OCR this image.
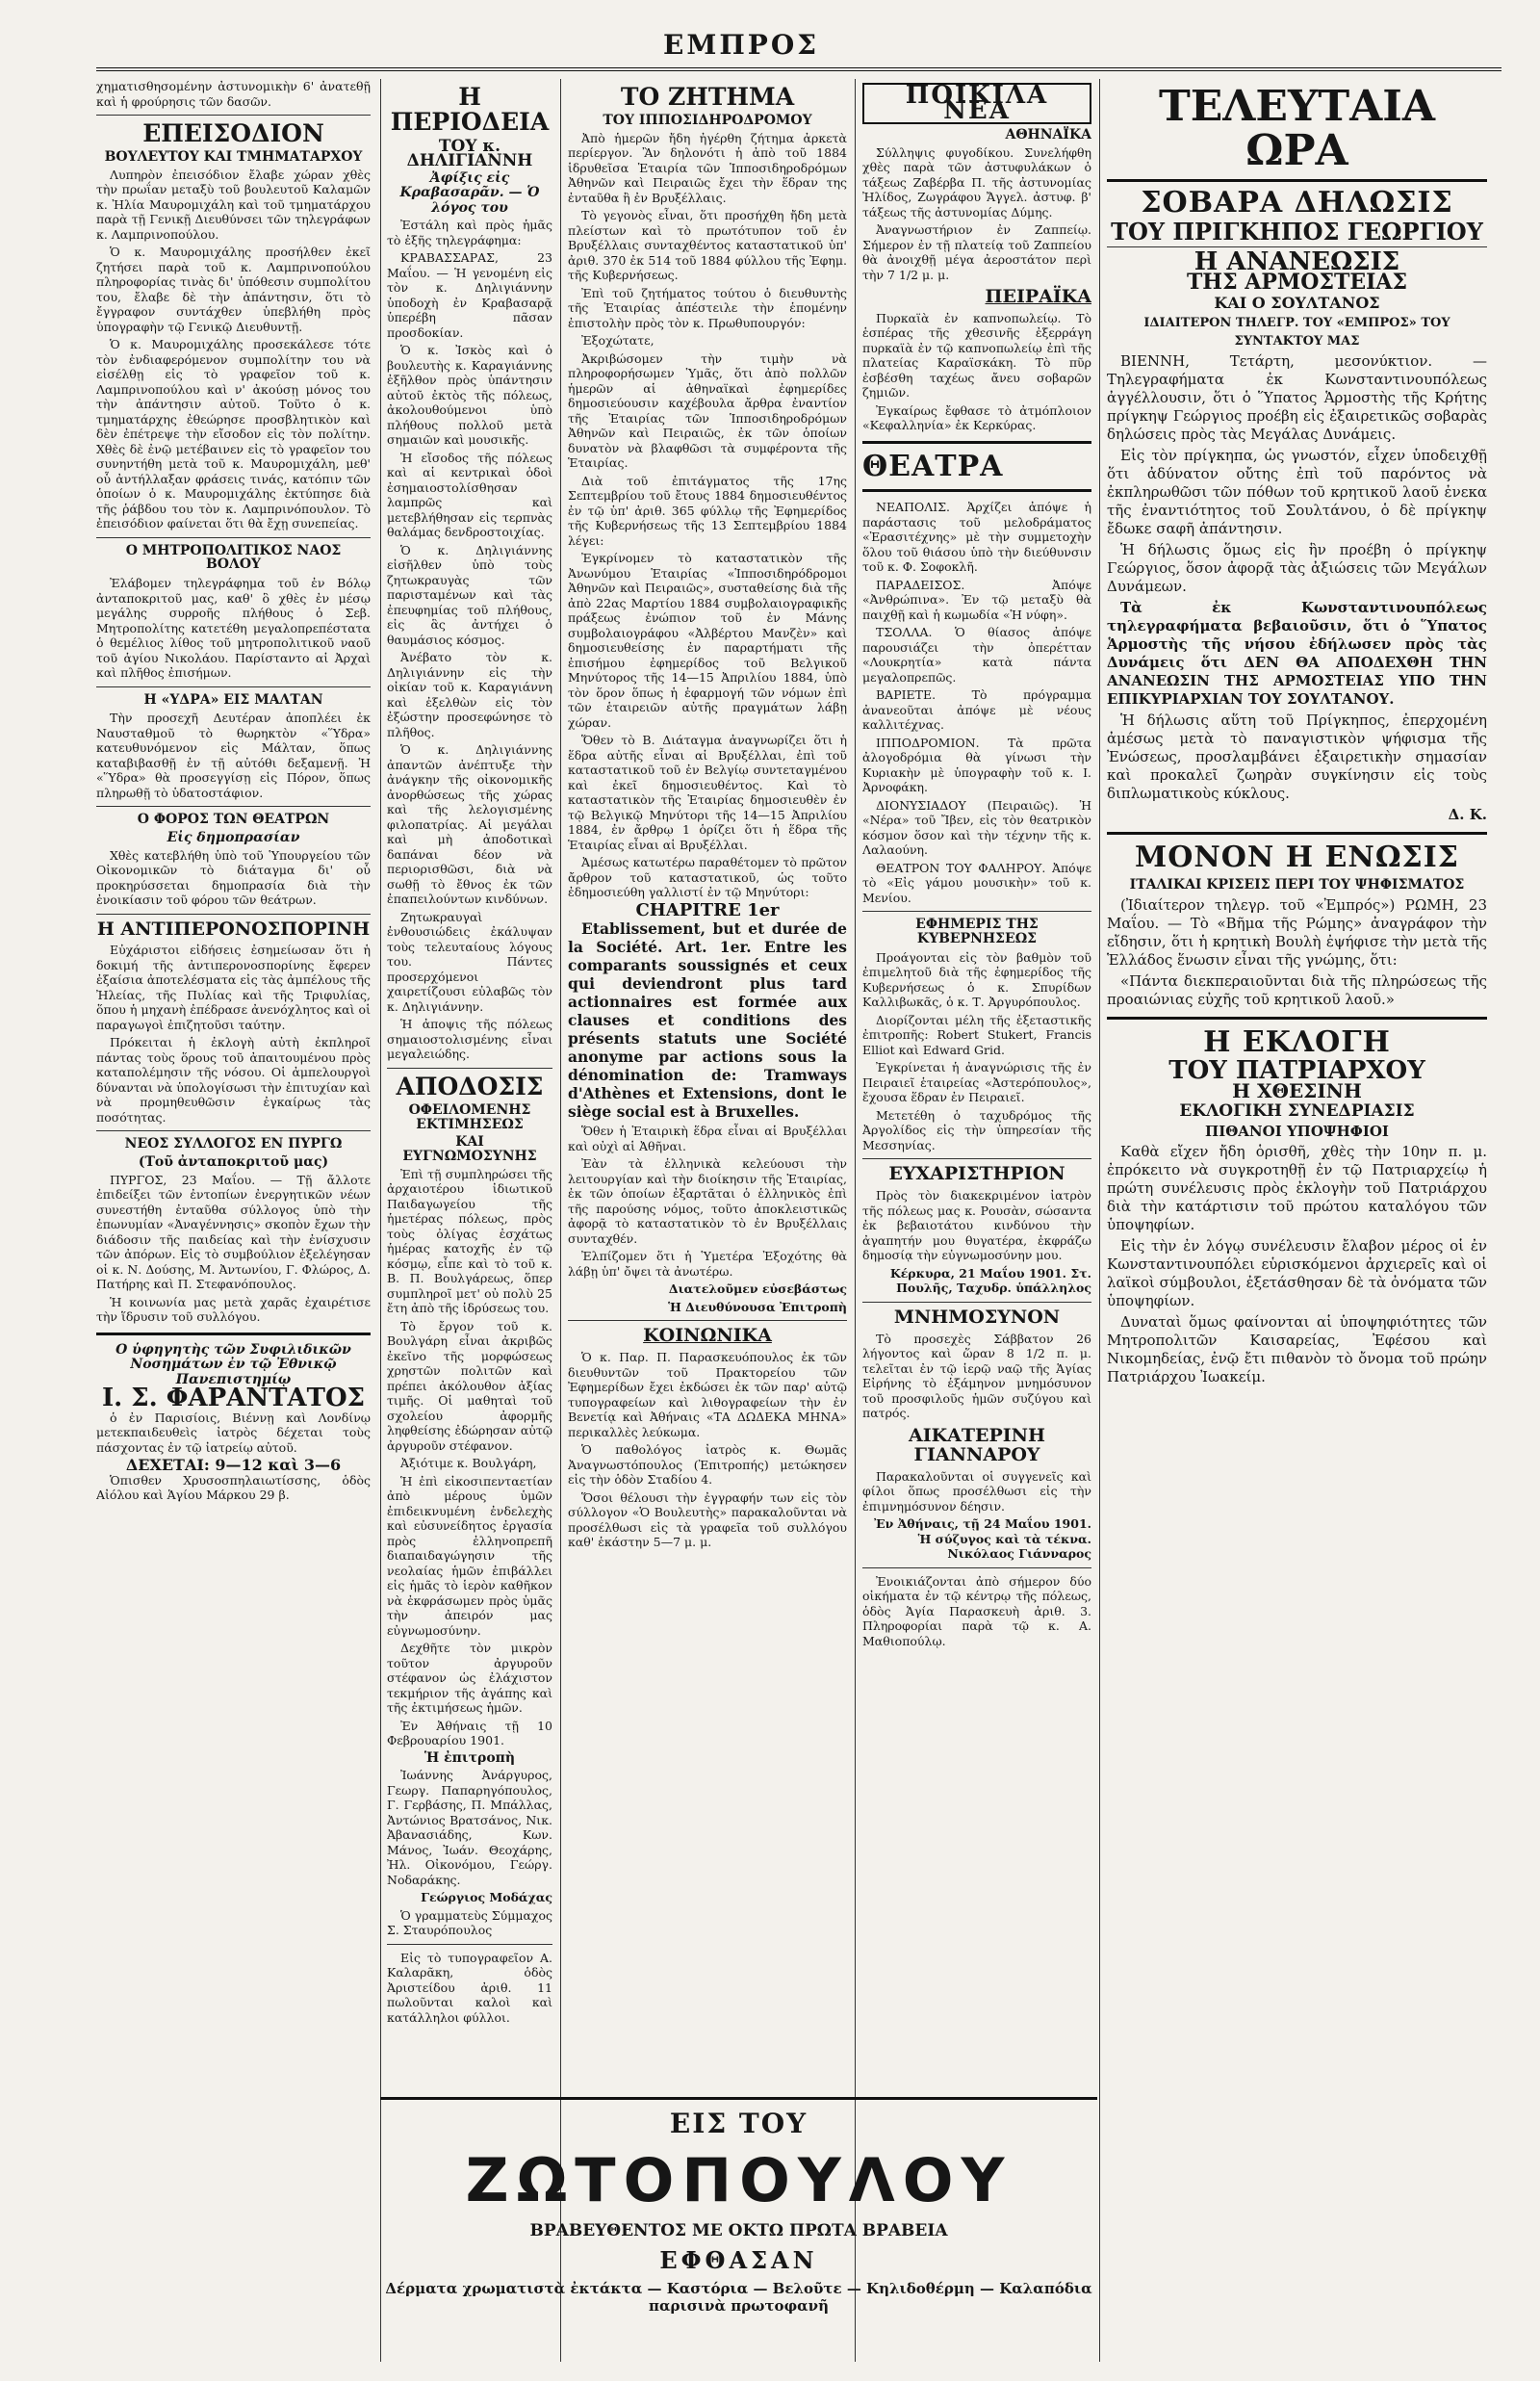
ΕΜΠΡΟΣ

χηματισθησομένην ἀστυνομικὴν 6' ἀνατεθῇ καὶ ἡ φρούρησις τῶν δασῶν.

ΕΠΕΙΣΟΔΙΟΝ
ΒΟΥΛΕΥΤΟΥ ΚΑΙ ΤΜΗΜΑΤΑΡΧΟΥ

Λυπηρὸν ἐπεισόδιον ἔλαβε χώραν χθὲς τὴν πρωΐαν μεταξὺ τοῦ βουλευτοῦ Καλαμῶν κ. Ἠλία Μαυρομιχάλη καὶ τοῦ τμηματάρχου παρὰ τῇ Γενικῇ Διευθύνσει τῶν τηλεγράφων κ. Λαμπρινοπούλου.

Ὁ κ. Μαυρομιχάλης προσήλθεν ἐκεῖ ζητήσει παρὰ τοῦ κ. Λαμπρινοπούλου πληροφορίας τινὰς δι' ὑπόθεσιν συμπολίτου του, ἔλαβε δὲ τὴν ἀπάντησιν, ὅτι τὸ ἔγγραφον συντάχθεν ὑπεβλήθη πρὸς ὑπογραφὴν τῷ Γενικῷ Διευθυντῇ.

Ὁ κ. Μαυρομιχάλης προσεκάλεσε τότε τὸν ἐνδιαφερόμενον συμπολίτην του νὰ εἰσέλθῃ εἰς τὸ γραφεῖον τοῦ κ. Λαμπρινοπούλου καὶ ν' ἀκούσῃ μόνος του τὴν ἀπάντησιν αὐτοῦ. Τοῦτο ὁ κ. τμηματάρχης ἐθεώρησε προσβλητικὸν καὶ δὲν ἐπέτρεψε τὴν εἴσοδον εἰς τὸν πολίτην. Χθὲς δὲ ἐνῷ μετέβαινεν εἰς τὸ γραφεῖον του συνηντήθη μετὰ τοῦ κ. Μαυρομιχάλη, μεθ' οὗ ἀντήλλαξαν φράσεις τινάς, κατόπιν τῶν ὁποίων ὁ κ. Μαυρομιχάλης ἐκτύπησε διὰ τῆς ῥάβδου του τὸν κ. Λαμπρινόπουλον. Τὸ ἐπεισόδιον φαίνεται ὅτι θὰ ἔχῃ συνεπείας.

Ο ΜΗΤΡΟΠΟΛΙΤΙΚΟΣ ΝΑΟΣ ΒΟΛΟΥ

Ἐλάβομεν τηλεγράφημα τοῦ ἐν Βόλῳ ἀνταποκριτοῦ μας, καθ' ὃ χθὲς ἐν μέσῳ μεγάλης συρροῆς πλήθους ὁ Σεβ. Μητροπολίτης κατετέθη μεγαλοπρεπέστατα ὁ θεμέλιος λίθος τοῦ μητροπολιτικοῦ ναοῦ τοῦ ἁγίου Νικολάου. Παρίσταντο αἱ Ἀρχαὶ καὶ πλῆθος ἐπισήμων.

Η «ΥΔΡΑ» ΕΙΣ ΜΑΛΤΑΝ

Τὴν προσεχῆ Δευτέραν ἀποπλέει ἐκ Ναυσταθμοῦ τὸ θωρηκτὸν «Ὕδρα» κατευθυνόμενον εἰς Μάλταν, ὅπως καταβιβασθῇ ἐν τῇ αὐτόθι δεξαμενῇ. Ἡ «Ὕδρα» θὰ προσεγγίσῃ εἰς Πόρον, ὅπως πληρωθῇ τὸ ὑδατοστάφιον.

Ο ΦΟΡΟΣ ΤΩΝ ΘΕΑΤΡΩΝ
Εἰς δημοπρασίαν

Χθὲς κατεβλήθη ὑπὸ τοῦ Ὑπουργείου τῶν Οἰκονομικῶν τὸ διάταγμα δι' οὗ προκηρύσσεται δημοπρασία διὰ τὴν ἐνοικίασιν τοῦ φόρου τῶν θεάτρων.

Η ΑΝΤΙΠΕΡΟΝΟΣΠΟΡΙΝΗ

Εὐχάριστοι εἰδήσεις ἐσημείωσαν ὅτι ἡ δοκιμή τῆς ἀντιπερονοσπορίνης ἔφερεν ἐξαίσια ἀποτελέσματα εἰς τὰς ἀμπέλους τῆς Ἠλείας, τῆς Πυλίας καὶ τῆς Τριφυλίας, ὅπου ἡ μηχανὴ ἐπέδρασε ἀνενόχλητος καὶ οἱ παραγωγοὶ ἐπιζητοῦσι ταύτην.

Πρόκειται ἡ ἐκλογὴ αὐτὴ ἐκπληροῖ πάντας τοὺς ὅρους τοῦ ἀπαιτουμένου πρὸς καταπολέμησιν τῆς νόσου. Οἱ ἀμπελουργοὶ δύνανται νὰ ὑπολογίσωσι τὴν ἐπιτυχίαν καὶ νὰ προμηθευθῶσιν ἐγκαίρως τὰς ποσότητας.

ΝΕΟΣ ΣΥΛΛΟΓΟΣ ΕΝ ΠΥΡΓΩ
(Τοῦ ἀνταποκριτοῦ μας)

ΠΥΡΓΟΣ, 23 Μαΐου. — Τῇ ἄλλοτε ἐπιδείξει τῶν ἐντοπίων ἐνεργητικῶν νέων συνεστήθη ἐνταῦθα σύλλογος ὑπὸ τὴν ἐπωνυμίαν «Ἀναγέννησις» σκοπὸν ἔχων τὴν διάδοσιν τῆς παιδείας καὶ τὴν ἐνίσχυσιν τῶν ἀπόρων. Εἰς τὸ συμβούλιον ἐξελέγησαν οἱ κ. Ν. Δούσης, Μ. Ἀντωνίου, Γ. Φλώρος, Δ. Πατήρης καὶ Π. Στεφανόπουλος.

Ἡ κοινωνία μας μετὰ χαρᾶς ἐχαιρέτισε τὴν ἵδρυσιν τοῦ συλλόγου.

Ο ὑφηγητὴς τῶν Συφιλιδικῶν Νοσημάτων ἐν τῷ Ἐθνικῷ Πανεπιστημίῳ
Ι. Σ. ΦΑΡΑΝΤΑΤΟΣ

ὁ ἐν Παρισίοις, Βιέννῃ καὶ Λονδίνῳ μετεκπαιδευθεὶς ἰατρὸς δέχεται τοὺς πάσχοντας ἐν τῷ ἰατρείῳ αὐτοῦ.

ΔΕΧΕΤΑΙ: 9—12 καὶ 3—6

Ὁπισθεν Χρυσοσπηλαιωτίσσης, ὁδὸς Αἰόλου καὶ Ἁγίου Μάρκου 29 β.

Η ΠΕΡΙΟΔΕΙΑ
ΤΟΥ κ. ΔΗΛΙΓΙΑΝΝΗ
Ἀφίξις εἰς Κραβασαρᾶν. — Ὁ λόγος του

Ἐστάλη καὶ πρὸς ἡμᾶς τὸ ἐξῆς τηλεγράφημα:

ΚΡΑΒΑΣΣΑΡΑΣ, 23 Μαΐου. — Ἡ γενομένη εἰς τὸν κ. Δηλιγιάννην ὑποδοχὴ ἐν Κραβασαρᾷ ὑπερέβη πᾶσαν προσδοκίαν.

Ὁ κ. Ἰσκὸς καὶ ὁ βουλευτὴς κ. Καραγιάννης ἐξῆλθον πρὸς ὑπάντησιν αὐτοῦ ἐκτὸς τῆς πόλεως, ἀκολουθούμενοι ὑπὸ πλήθους πολλοῦ μετὰ σημαιῶν καὶ μουσικῆς.

Ἡ εἴσοδος τῆς πόλεως καὶ αἱ κεντρικαὶ ὁδοὶ ἐσημαιοστολίσθησαν λαμπρῶς καὶ μετεβλήθησαν εἰς τερπνὰς θαλάμας δενδροστοιχίας.

Ὁ κ. Δηλιγιάννης εἰσῆλθεν ὑπὸ τοὺς ζητωκραυγὰς τῶν παρισταμένων καὶ τὰς ἐπευφημίας τοῦ πλήθους, εἰς ἃς ἀντήχει ὁ θαυμάσιος κόσμος.

Ἀνέβατο τὸν κ. Δηλιγιάννην εἰς τὴν οἰκίαν τοῦ κ. Καραγιάννη καὶ ἐξελθὼν εἰς τὸν ἐξώστην προσεφώνησε τὸ πλῆθος.

Ὁ κ. Δηλιγιάννης ἀπαντῶν ἀνέπτυξε τὴν ἀνάγκην τῆς οἰκονομικῆς ἀνορθώσεως τῆς χώρας καὶ τῆς λελογισμένης φιλοπατρίας. Αἱ μεγάλαι καὶ μὴ ἀποδοτικαὶ δαπάναι δέον νὰ περιορισθῶσι, διὰ νὰ σωθῇ τὸ ἔθνος ἐκ τῶν ἐπαπειλούντων κινδύνων.

Ζητωκραυγαὶ ἐνθουσιώδεις ἐκάλυψαν τοὺς τελευταίους λόγους του. Πάντες προσερχόμενοι χαιρετίζουσι εὐλαβῶς τὸν κ. Δηλιγιάννην.

Ἡ ἀποψις τῆς πόλεως σημαιοστολισμένης εἶναι μεγαλειώδης.

ΑΠΟΔΟΣΙΣ
ΟΦΕΙΛΟΜΕΝΗΣ ΕΚΤΙΜΗΣΕΩΣ
ΚΑΙ ΕΥΓΝΩΜΟΣΥΝΗΣ

Ἐπὶ τῇ συμπληρώσει τῆς ἀρχαιοτέρου ἰδιωτικοῦ Παιδαγωγείου τῆς ἡμετέρας πόλεως, πρὸς τοὺς ὀλίγας ἐσχάτως ἡμέρας κατοχῆς ἐν τῷ κόσμῳ, εἶπε καὶ τὸ τοῦ κ. Β. Π. Βουλγάρεως, ὅπερ συμπληροῖ μετ' οὐ πολὺ 25 ἔτη ἀπὸ τῆς ἱδρύσεως του.

Τὸ ἔργον τοῦ κ. Βουλγάρη εἶναι ἀκριβῶς ἐκεῖνο τῆς μορφώσεως χρηστῶν πολιτῶν καὶ πρέπει ἀκόλουθον ἀξίας τιμῆς. Οἱ μαθηταὶ τοῦ σχολείου ἀφορμῆς ληφθείσης ἐδώρησαν αὐτῷ ἀργυροῦν στέφανον.

Ἀξιότιμε κ. Βουλγάρη,

Ἡ ἐπὶ εἰκοσιπενταετίαν ἀπὸ μέρους ὑμῶν ἐπιδεικνυμένη ἐνδελεχὴς καὶ εὐσυνείδητος ἐργασία πρὸς ἐλληνοπρεπῆ διαπαιδαγώγησιν τῆς νεολαίας ἡμῶν ἐπιβάλλει εἰς ἡμᾶς τὸ ἱερὸν καθῆκον νὰ ἐκφράσωμεν πρὸς ὑμᾶς τὴν ἀπειρόν μας εὐγνωμοσύνην.

Δεχθῆτε τὸν μικρὸν τοῦτον ἀργυροῦν στέφανον ὡς ἐλάχιστον τεκμήριον τῆς ἀγάπης καὶ τῆς ἐκτιμήσεως ἡμῶν.

Ἐν Ἀθήναις τῇ 10 Φεβρουαρίου 1901.

Ἡ ἐπιτροπὴ

Ἰωάννης Ἀνάργυρος, Γεωργ. Παπαρηγόπουλος, Γ. Γερβάσης, Π. Μπάλλας, Ἀντώνιος Βρατσάνος, Νικ. Ἀβανασιάδης, Κων. Μάνος, Ἰωάν. Θεοχάρης, Ἠλ. Οἰκονόμου, Γεώργ. Νοδαράκης.

Γεώργιος Μοδάχας

Ὁ γραμματεὺς Σύμμαχος Σ. Σταυρόπουλος

Εἰς τὸ τυπογραφεῖον Α. Καλαρᾶκη, ὁδὸς Ἀριστείδου ἀριθ. 11 πωλοῦνται καλοὶ καὶ κατάλληλοι φύλλοι.

ΤΟ ΖΗΤΗΜΑ
ΤΟΥ ΙΠΠΟΣΙΔΗΡΟΔΡΟΜΟΥ

Ἀπὸ ἡμερῶν ἤδη ἠγέρθη ζήτημα ἀρκετὰ περίεργον. Ἂν δηλονότι ἡ ἀπὸ τοῦ 1884 ἱδρυθεῖσα Ἑταιρία τῶν Ἱπποσιδηροδρόμων Ἀθηνῶν καὶ Πειραιῶς ἔχει τὴν ἕδραν της ἐνταῦθα ἢ ἐν Βρυξέλλαις.

Τὸ γεγονὸς εἶναι, ὅτι προσήχθη ἤδη μετὰ πλείστων καὶ τὸ πρωτότυπον τοῦ ἐν Βρυξέλλαις συνταχθέντος καταστατικοῦ ὑπ' ἀριθ. 370 ἐκ 514 τοῦ 1884 φύλλου τῆς Ἐφημ. τῆς Κυβερνήσεως.

Ἐπὶ τοῦ ζητήματος τούτου ὁ διευθυντὴς τῆς Ἑταιρίας ἀπέστειλε τὴν ἑπομένην ἐπιστολὴν πρὸς τὸν κ. Πρωθυπουργόν:

Ἐξοχώτατε,

Ἀκριβώσομεν τὴν τιμὴν νὰ πληροφορήσωμεν Ὑμᾶς, ὅτι ἀπὸ πολλῶν ἡμερῶν αἱ ἀθηναϊκαὶ ἐφημερίδες δημοσιεύουσιν καχέβουλα ἄρθρα ἐναντίον τῆς Ἑταιρίας τῶν Ἱπποσιδηροδρόμων Ἀθηνῶν καὶ Πειραιῶς, ἐκ τῶν ὁποίων δυνατὸν νὰ βλαφθῶσι τὰ συμφέροντα τῆς Ἑταιρίας.

Διὰ τοῦ ἐπιτάγματος τῆς 17ης Σεπτεμβρίου τοῦ ἔτους 1884 δημοσιευθέντος ἐν τῷ ὑπ' ἀριθ. 365 φύλλῳ τῆς Ἐφημερίδος τῆς Κυβερνήσεως τῆς 13 Σεπτεμβρίου 1884 λέγει:

Ἐγκρίνομεν τὸ καταστατικὸν τῆς Ἀνωνύμου Ἑταιρίας «Ἱπποσιδηρόδρομοι Ἀθηνῶν καὶ Πειραιῶς», συσταθείσης διὰ τῆς ἀπὸ 22ας Μαρτίου 1884 συμβολαιογραφικῆς πράξεως ἐνώπιον τοῦ ἐν Μάνης συμβολαιογράφου «Ἀλβέρτου Μανζὲν» καὶ δημοσιευθείσης ἐν παραρτήματι τῆς ἐπισήμου ἐφημερίδος τοῦ Βελγικοῦ Μηνύτορος τῆς 14—15 Ἀπριλίου 1884, ὑπὸ τὸν ὅρον ὅπως ἡ ἐφαρμογή τῶν νόμων ἐπὶ τῶν ἑταιρειῶν αὐτῆς πραγμάτων λάβῃ χώραν.

Ὅθεν τὸ Β. Διάταγμα ἀναγνωρίζει ὅτι ἡ ἕδρα αὐτῆς εἶναι αἱ Βρυξέλλαι, ἐπὶ τοῦ καταστατικοῦ τοῦ ἐν Βελγίῳ συντεταγμένου καὶ ἐκεῖ δημοσιευθέντος. Καὶ τὸ καταστατικὸν τῆς Ἑταιρίας δημοσιευθὲν ἐν τῷ Βελγικῷ Μηνύτορι τῆς 14—15 Ἀπριλίου 1884, ἐν ἄρθρῳ 1 ὁρίζει ὅτι ἡ ἕδρα τῆς Ἑταιρίας εἶναι αἱ Βρυξέλλαι.

Ἀμέσως κατωτέρω παραθέτομεν τὸ πρῶτον ἄρθρον τοῦ καταστατικοῦ, ὡς τοῦτο ἐδημοσιεύθη γαλλιστί ἐν τῷ Μηνύτορι:

CHAPITRE 1er

Etablissement, but et durée de la Société. Art. 1er. Entre les comparants soussignés et ceux qui deviendront plus tard actionnaires est formée aux clauses et conditions des présents statuts une Société anonyme par actions sous la dénomination de: Tramways d'Athènes et Extensions, dont le siège social est à Bruxelles.

Ὅθεν ἡ Ἑταιρικὴ ἕδρα εἶναι αἱ Βρυξέλλαι καὶ οὐχὶ αἱ Ἀθῆναι.

Ἐὰν τὰ ἑλληνικὰ κελεύουσι τὴν λειτουργίαν καὶ τὴν διοίκησιν τῆς Ἑταιρίας, ἐκ τῶν ὁποίων ἐξαρτᾶται ὁ ἑλληνικὸς ἐπὶ τῆς παρούσης νόμος, τοῦτο ἀποκλειστικῶς ἀφορᾷ τὸ καταστατικὸν τὸ ἐν Βρυξέλλαις συνταχθέν.

Ἐλπίζομεν ὅτι ἡ Ὑμετέρα Ἐξοχότης θὰ λάβῃ ὑπ' ὄψει τὰ ἀνωτέρω.

Διατελοῦμεν εὐσεβάστως
Ἡ Διευθύνουσα Ἐπιτροπὴ
ΚΟΙΝΩΝΙΚΑ

Ὁ κ. Παρ. Π. Παρασκευόπουλος ἐκ τῶν διευθυντῶν τοῦ Πρακτορείου τῶν Ἐφημερίδων ἔχει ἐκδώσει ἐκ τῶν παρ' αὐτῷ τυπογραφείων καὶ λιθογραφείων τὴν ἐν Βενετίᾳ καὶ Ἀθήναις «ΤΑ ΔΩΔΕΚΑ ΜΗΝΑ» περικαλλὲς λεύκωμα.

Ὁ παθολόγος ἰατρὸς κ. Θωμᾶς Ἀναγνωστόπουλος (Ἐπιτροπής) μετώκησεν εἰς τὴν ὁδὸν Σταδίου 4.

Ὅσοι θέλουσι τὴν ἐγγραφήν των εἰς τὸν σύλλογον «Ὁ Βουλευτὴς» παρακαλοῦνται νὰ προσέλθωσι εἰς τὰ γραφεῖα τοῦ συλλόγου καθ' ἑκάστην 5—7 μ. μ.

ΠΟΙΚΙΛΑ ΝΕΑ
ΑΘΗΝΑΪΚΑ

Σύλληψις φυγοδίκου. Συνελήφθη χθὲς παρὰ τῶν ἀστυφυλάκων ὁ τάξεως Ζαβέρβα Π. τῆς ἀστυνομίας Ἠλίδος, Ζωγράφου Ἄγγελ. ἀστυφ. β' τάξεως τῆς ἀστυνομίας Δύμης.

Ἀναγνωστήριον ἐν Ζαππείῳ. Σήμερον ἐν τῇ πλατείᾳ τοῦ Ζαππείου θὰ ἀνοιχθῇ μέγα ἀεροστάτον περὶ τὴν 7 1/2 μ. μ.

ΠΕΙΡΑΪΚΑ

Πυρκαϊὰ ἐν καπνοπωλείῳ. Τὸ ἑσπέρας τῆς χθεσινῆς ἐξερράγη πυρκαϊὰ ἐν τῷ καπνοπωλείῳ ἐπὶ τῆς πλατείας Καραϊσκάκη. Τὸ πῦρ ἐσβέσθη ταχέως ἄνευ σοβαρῶν ζημιῶν.

Ἐγκαίρως ἔφθασε τὸ ἀτμόπλοιον «Κεφαλληνία» ἐκ Κερκύρας.

ΘΕΑΤΡΑ

ΝΕΑΠΟΛΙΣ. Ἀρχίζει ἀπόψε ἡ παράστασις τοῦ μελοδράματος «Ἐρασιτέχνης» μὲ τὴν συμμετοχὴν ὅλου τοῦ θιάσου ὑπὸ τὴν διεύθυνσιν τοῦ κ. Φ. Σοφοκλῆ.

ΠΑΡΑΔΕΙΣΟΣ. Ἀπόψε «Ἀνθρώπινα». Ἐν τῷ μεταξὺ θὰ παιχθῇ καὶ ἡ κωμωδία «Ἡ νύφη».

ΤΣΟΛΛΑ. Ὁ θίασος ἀπόψε παρουσιάζει τὴν ὀπερέτταν «Λουκρητία» κατὰ πάντα μεγαλοπρεπῶς.

ΒΑΡΙΕΤΕ. Τὸ πρόγραμμα ἀνανεοῦται ἀπόψε μὲ νέους καλλιτέχνας.

ΙΠΠΟΔΡΟΜΙΟΝ. Τὰ πρῶτα ἀλογοδρόμια θὰ γίνωσι τὴν Κυριακὴν μὲ ὑπογραφὴν τοῦ κ. Ι. Ἀρνοφάκη.

ΔΙΟΝΥΣΙΑΔΟΥ (Πειραιῶς). Ἡ «Νέρα» τοῦ Ἴβεν, εἰς τὸν θεατρικὸν κόσμον ὅσον καὶ τὴν τέχνην τῆς κ. Λαλαούνη.

ΘΕΑΤΡΟΝ ΤΟΥ ΦΑΛΗΡΟΥ. Ἀπόψε τὸ «Εἰς γάμου μουσικὴν» τοῦ κ. Μενίου.

ΕΦΗΜΕΡΙΣ ΤΗΣ ΚΥΒΕΡΝΗΣΕΩΣ

Προάγονται εἰς τὸν βαθμὸν τοῦ ἐπιμελητοῦ διὰ τῆς ἐφημερίδος τῆς Κυβερνήσεως ὁ κ. Σπυρίδων Καλλιβωκᾶς, ὁ κ. Τ. Ἀργυρόπουλος.

Διορίζονται μέλη τῆς ἐξεταστικῆς ἐπιτροπῆς: Robert Stukert, Francis Elliot καὶ Edward Grid.

Ἐγκρίνεται ἡ ἀναγνώρισις τῆς ἐν Πειραιεῖ ἑταιρείας «Ἀστερόπουλος», ἔχουσα ἕδραν ἐν Πειραιεῖ.

Μετετέθη ὁ ταχυδρόμος τῆς Ἀργολίδος εἰς τὴν ὑπηρεσίαν τῆς Μεσσηνίας.

ΕΥΧΑΡΙΣΤΗΡΙΟΝ

Πρὸς τὸν διακεκριμένον ἰατρὸν τῆς πόλεως μας κ. Ρουσὰν, σώσαντα ἐκ βεβαιοτάτου κινδύνου τὴν ἀγαπητήν μου θυγατέρα, ἐκφράζω δημοσίᾳ τὴν εὐγνωμοσύνην μου.

Κέρκυρα, 21 Μαΐου 1901. Στ. Πουλῆς, Ταχυδρ. ὑπάλληλος
ΜΝΗΜΟΣΥΝΟΝ

Τὸ προσεχὲς Σάββατον 26 λήγοντος καὶ ὥραν 8 1/2 π. μ. τελεῖται ἐν τῷ ἱερῷ ναῷ τῆς Ἁγίας Εἰρήνης τὸ ἑξάμηνον μνημόσυνον τοῦ προσφιλοῦς ἡμῶν συζύγου καὶ πατρός.

ΑΙΚΑΤΕΡΙΝΗ ΓΙΑΝΝΑΡΟΥ

Παρακαλοῦνται οἱ συγγενεῖς καὶ φίλοι ὅπως προσέλθωσι εἰς τὴν ἐπιμνημόσυνον δέησιν.

Ἐν Ἀθήναις, τῇ 24 Μαΐου 1901. Ἡ σύζυγος καὶ τὰ τέκνα. Νικόλαος Γιάνναρος

Ἐνοικιάζονται ἀπὸ σήμερον δύο οἰκήματα ἐν τῷ κέντρῳ τῆς πόλεως, ὁδὸς Ἁγία Παρασκευὴ ἀριθ. 3. Πληροφορίαι παρὰ τῷ κ. Α. Μαθιοπούλῳ.

ΤΕΛΕΥΤΑΙΑ ΩΡΑ
ΣΟΒΑΡΑ ΔΗΛΩΣΙΣ
ΤΟΥ ΠΡΙΓΚΗΠΟΣ ΓΕΩΡΓΙΟΥ
Η ΑΝΑΝΕΩΣΙΣ
ΤΗΣ ΑΡΜΟΣΤΕΙΑΣ
ΚΑΙ Ο ΣΟΥΛΤΑΝΟΣ
ΙΔΙΑΙΤΕΡΟΝ ΤΗΛΕΓΡ. ΤΟΥ «ΕΜΠΡΟΣ» ΤΟΥ ΣΥΝΤΑΚΤΟΥ ΜΑΣ

ΒΙΕΝΝΗ, Τετάρτη, μεσονύκτιον. — Τηλεγραφήματα ἐκ Κωνσταντινουπόλεως ἀγγέλλουσιν, ὅτι ὁ Ὕπατος Ἁρμοστὴς τῆς Κρήτης πρίγκηψ Γεώργιος προέβη εἰς ἐξαιρετικῶς σοβαρὰς δηλώσεις πρὸς τὰς Μεγάλας Δυνάμεις.

Εἰς τὸν πρίγκηπα, ὡς γνωστόν, εἶχεν ὑποδειχθῇ ὅτι ἀδύνατον οὔτης ἐπὶ τοῦ παρόντος νὰ ἐκπληρωθῶσι τῶν πόθων τοῦ κρητικοῦ λαοῦ ἐνεκα τῆς ἐναντιότητος τοῦ Σουλτάνου, ὁ δὲ πρίγκηψ ἔδωκε σαφῆ ἀπάντησιν.

Ἡ δήλωσις ὅμως εἰς ἣν προέβη ὁ πρίγκηψ Γεώργιος, ὅσον ἀφορᾷ τὰς ἀξιώσεις τῶν Μεγάλων Δυνάμεων.

Τὰ ἐκ Κωνσταντινουπόλεως τηλεγραφήματα βεβαιοῦσιν, ὅτι ὁ Ὕπατος Ἁρμοστὴς τῆς νήσου ἐδήλωσεν πρὸς τὰς Δυνάμεις ὅτι ΔΕΝ ΘΑ ΑΠΟΔΕΧΘΗ ΤΗΝ ΑΝΑΝΕΩΣΙΝ ΤΗΣ ΑΡΜΟΣΤΕΙΑΣ ΥΠΟ ΤΗΝ ΕΠΙΚΥΡΙΑΡΧΙΑΝ ΤΟΥ ΣΟΥΛΤΑΝΟΥ.

Ἡ δήλωσις αὕτη τοῦ Πρίγκηπος, ἐπερχομένη ἀμέσως μετὰ τὸ παναγιστικὸν ψήφισμα τῆς Ἐνώσεως, προσλαμβάνει ἐξαιρετικὴν σημασίαν καὶ προκαλεῖ ζωηρὰν συγκίνησιν εἰς τοὺς διπλωματικοὺς κύκλους.

Δ. Κ.
ΜΟΝΟΝ Η ΕΝΩΣΙΣ
ΙΤΑΛΙΚΑΙ ΚΡΙΣΕΙΣ ΠΕΡΙ ΤΟΥ ΨΗΦΙΣΜΑΤΟΣ

(Ἰδιαίτερον τηλεγρ. τοῦ «Ἐμπρός») ΡΩΜΗ, 23 Μαΐου. — Τὸ «Βῆμα τῆς Ρώμης» ἀναγράφον τὴν εἴδησιν, ὅτι ἡ κρητικὴ Βουλὴ ἐψήφισε τὴν μετὰ τῆς Ἑλλάδος ἕνωσιν εἶναι τῆς γνώμης, ὅτι:

«Πάντα διεκπεραιοῦνται διὰ τῆς πληρώσεως τῆς προαιώνιας εὐχῆς τοῦ κρητικοῦ λαοῦ.»

Η ΕΚΛΟΓΗ
ΤΟΥ ΠΑΤΡΙΑΡΧΟΥ
Η ΧΘΕΣΙΝΗ
ΕΚΛΟΓΙΚΗ ΣΥΝΕΔΡΙΑΣΙΣ
ΠΙΘΑΝΟΙ ΥΠΟΨΗΦΙΟΙ

Καθὰ εἴχεν ἤδη ὁρισθῆ, χθὲς τὴν 10ην π. μ. ἐπρόκειτο νὰ συγκροτηθῇ ἐν τῷ Πατριαρχείῳ ἡ πρώτη συνέλευσις πρὸς ἐκλογὴν τοῦ Πατριάρχου διὰ τὴν κατάρτισιν τοῦ πρώτου καταλόγου τῶν ὑποψηφίων.

Εἰς τὴν ἐν λόγῳ συνέλευσιν ἔλαβον μέρος οἱ ἐν Κωνσταντινουπόλει εὑρισκόμενοι ἀρχιερεῖς καὶ οἱ λαϊκοὶ σύμβουλοι, ἐξετάσθησαν δὲ τὰ ὀνόματα τῶν ὑποψηφίων.

Δυναταὶ ὅμως φαίνονται αἱ ὑποψηφιότητες τῶν Μητροπολιτῶν Καισαρείας, Ἐφέσου καὶ Νικομηδείας, ἐνῷ ἔτι πιθανὸν τὸ ὄνομα τοῦ πρώην Πατριάρχου Ἰωακείμ.

ΕΙΣ ΤΟΥ
ΖΩΤΟΠΟΥΛΟΥ
ΒΡΑΒΕΥΘΕΝΤΟΣ ΜΕ ΟΚΤΩ ΠΡΩΤΑ ΒΡΑΒΕΙΑ
ΕΦΘΑΣΑΝ
Δέρματα χρωματιστὰ ἐκτάκτα — Καστόρια — Βελοῦτε — Κηλιδοθέρμη — Καλαπόδια παρισινὰ πρωτοφανῆ
